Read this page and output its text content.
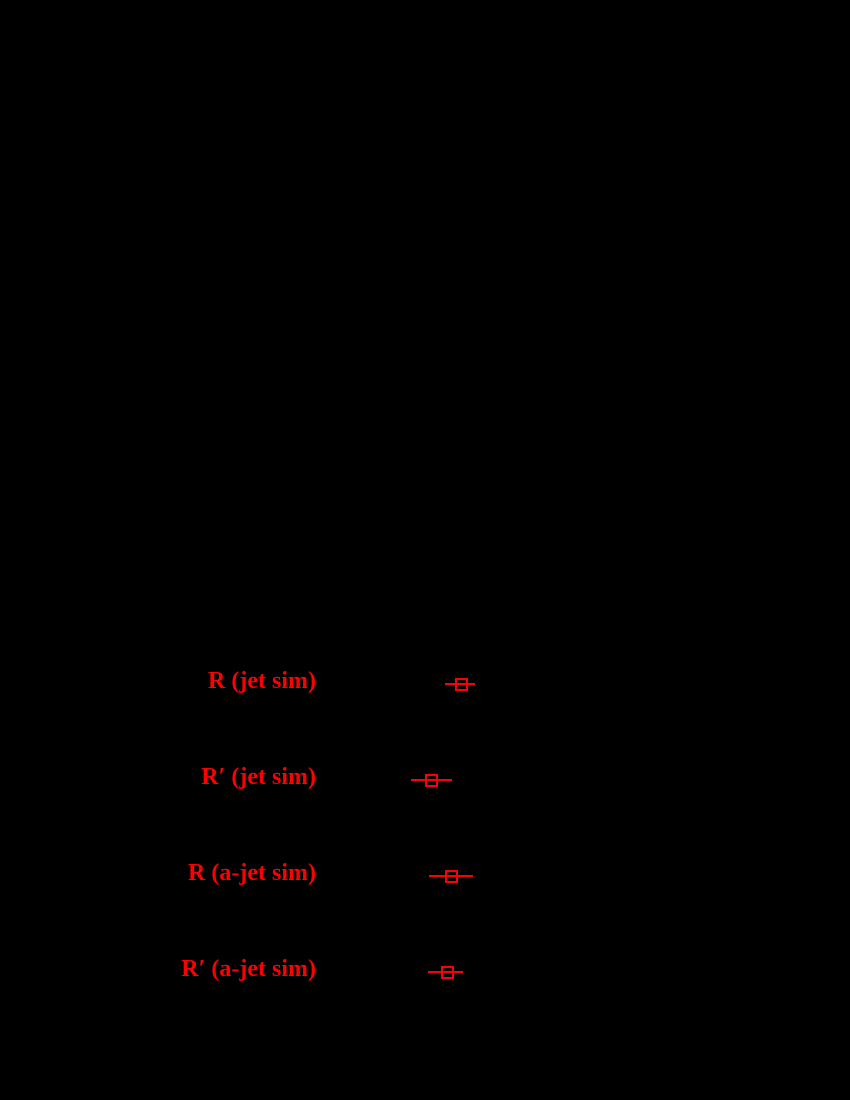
R (jet sim)
R′ (jet sim)
R (a-jet sim)
R′ (a-jet sim)
